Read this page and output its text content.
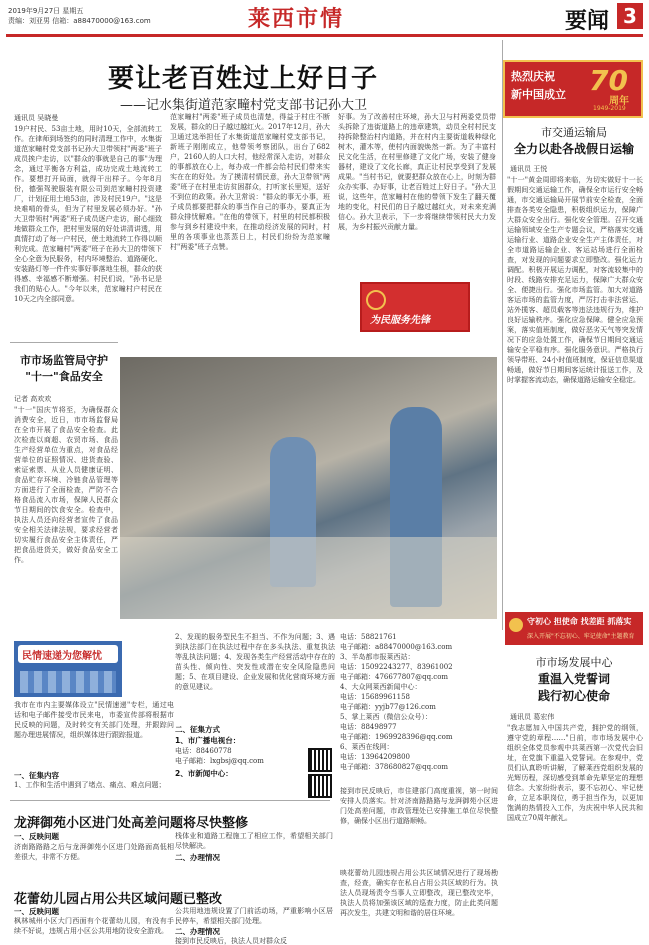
2019年9月27日 星期五
责编：刘亚男 信箱：a88470000@163.com	莱西市情	要闻 3
要让老百姓过上好日子
——记水集街道范家疃村党支部书记孙大卫
通讯员 吴晓曼
19户村民、53亩土地，用时10天，全部流转工作。在律师到场签约的同时清理工作中，水集街道范家疃村党支部书记孙大卫带领村"两委"班子成员挨户走访，以"群众的事就是自己的事"为理念，通过平衡各方利益，成功完成土地流转工作。要想打开局面，就得干出样子。今年8月份，德强驾驶服装有限公司到范家疃村投资建厂，计划征用土地53亩，涉及村民19户。"这是块难啃的骨头，但为了村里发展必须办好。"孙大卫带领村"两委"班子成员逐户走访，耐心细致地做群众工作，把村里发展的好处讲清讲透，用真情打动了每一户村民，使土地流转工作得以顺利完成。范家疃村"两委"班子在孙大卫的带领下全心全意为民服务，村内环境整治、道路硬化、安装路灯等一件件实事好事落地生根，群众的获得感、幸福感不断增强。村民们说，"孙书记是我们的贴心人。"今年以来，范家疃村户村民在10天之内全部同意。
范家疃村"两委"班子成员也清楚，得益于村庄不断发展，群众的日子越过越红火。2017年12月，孙大卫通过选举担任了水集街道范家疃村党支部书记，新班子刚刚成立，他带领考察团队，出台了682户，2160人的人口大村，他经常深入走访，对群众的事都放在心上，每办成一件都会给村民们带来实实在在的好处。为了摸清村情民意，孙大卫带领"两委"班子在村里走访贫困群众，打听家长里短，送好不到位的政策。孙大卫常说："群众的事无小事，班子成员都要把群众的事当作自己的事办，要真正为群众排忧解难。"在他的带领下，村里的村民都积极参与到乡村建设中来，在推动经济发展的同时，村里的各项事业也蒸蒸日上，村民们纷纷为范家疃村"两委"班子点赞。
好事。为了改善村庄环境，孙大卫与村两委党员带头拆除了违街道路上的违章建筑，动员全村村民支持拆除整治村内道路，并在村内主要街道栽种绿化树木，灌木等，使村内面貌焕然一新。为了丰富村民文化生活，在村里修建了文化广场，安装了健身器材，建设了文化长廊，真正让村民享受到了发展成果。"当村书记，就要把群众放在心上，时刻为群众办实事、办好事，让老百姓过上好日子。"孙大卫说，这些年，范家疃村在他的带领下发生了翻天覆地的变化，村民们的日子越过越红火，对未来充满信心。孙大卫表示，下一步将继续带领村民大力发展，为乡村振兴贡献力量。
为民服务先锋
热烈庆祝
新中国成立 70
周年
1949-2019
市交通运输局
全力以赴各战假日运输
通讯员 王悦
"十一"黄金周即将来临，为切实做好十一长假期间交通运输工作，确保全市运行安全畅通，市交通运输局开展节前安全检查，全面排查各类安全隐患，积极组织运力，保障广大群众安全出行。强化安全管理。召开交通运输领域安全生产专题会议，严格落实交通运输行业、道路企业安全生产主体责任，对全市道路运输企业、客运站场进行全面检查，对发现的问题要求立即整改。强化运力调配。积极开展运力调配，对客流较集中的时段、线路安排充足运力，保障广大群众安全、便捷出行。强化市场监管。加大对道路客运市场的监管力度，严厉打击非法营运、站外揽客、超员载客等违法违规行为，维护良好运输秩序。强化应急保障。健全应急预案，落实值班制度，做好恶劣天气等突发情况下的应急处置工作，确保节日期间交通运输安全平稳有序。强化服务意识。严格执行领导带班、24小时值班制度，保证信息渠道畅通，做好节日期间客运统计报送工作，及时掌握客流动态，确保道路运输安全稳定。
市市场监管局守护
"十一"食品安全
记者 高欢欢
"十一"国庆节将至，为确保群众消费安全，近日，市市场监督局在全市开展了食品安全检查。此次检查以商超、农贸市场、食品生产经营单位为重点，对食品经营单位的证照情况、进货查验、索证索票、从业人员健康证明、食品贮存环境、冷链食品管理等方面进行了全面检查，严防不合格食品流入市场，保障人民群众节日期间的饮食安全。检查中，执法人员还向经营者宣传了食品安全相关法律法规，要求经营者切实履行食品安全主体责任，严把食品进货关，做好食品安全工作。
民情速递为您解忧
我市在市内主要媒体设立"民情速递"专栏，通过电话和电子邮件接受市民来电，市委宣传部将根据市民反映的问题，及时转交有关部门处理，并跟踪问题办理进展情况，组织媒体进行跟踪报道。
一、征集内容
1、工作和生活中遇到了堵点、痛点、难点问题；
2、发现的服务型民生不担当、不作为问题；3、遇到执法部门在执法过程中存在多头执法、重复执法等乱执法问题；4、发现各类生产经营活动中存在的苗头性、倾向性、突发性或潜在安全风险隐患问题；5、在项目建设、企业发展和优化营商环境方面的意见建议。
二、征集方式
1、市广播电视台：
电话：88460778
电子邮箱：lxgbsj@qq.com
2、市新闻中心：
电话：58821761
电子邮箱：a88470000@163.com
3、半岛都市报莱西站：
电话：15092243277、83961002
电子邮箱：476677807@qq.com
4、大众网莱西新闻中心：
电话：15689961158
电子邮箱：yyjb77@126.com
5、掌上莱西（微信公众号）：
电话：88498977
电子邮箱：1969928396@qq.com
6、莱西在线网：
电话：13964209800
电子邮箱：378680827@qq.com
守初心 担使命 找差距 抓落实
深入开展"不忘初心、牢记使命"主题教育
市市场发展中心
重温入党誓词
践行初心使命
通讯员 葛宏伟
"我志愿加入中国共产党，拥护党的纲领，遵守党的章程……"日前，市市场发展中心组织全体党员参观中共莱西第一次党代会旧址，在党旗下重温入党誓词。在参观中，党员们认真聆听讲解，了解莱西党组织发展的光辉历程，深切感受到革命先辈坚定的理想信念。大家纷纷表示，要不忘初心、牢记使命，立足本职岗位，勇于担当作为，以更加饱满的热情投入工作，为庆祝中华人民共和国成立70周年献礼。
龙湃御苑小区进门处高差问题将尽快整修
一、反映问题
济南路路路之后与龙湃御苑小区进门处路面高低相差很大，非常不方便。
栈体业和道路工程施工了相应工作，希望相关部门尽快解决。
二、办理情况
接到市民反映后，市住建部门高度重视，第一时间安排人员落实。针对济南路路路与龙湃御苑小区进门处高差问题，市政管理处已安排施工单位尽快整修，确保小区出行道路顺畅。
花蕾幼儿园占用公共区域问题已整改
一、反映问题
枫林城州小区大门西面有个花蕾幼儿园，有没有手续不好说，违规占用小区公共用地防设安全游戏。
公共用地违规设置了门前活动场，严重影响小区居民停车，希望相关部门处理。
二、办理情况
接到市民反映后，执法人员对群众反
映花蕾幼儿园违规占用公共区域情况进行了现场勘查，经查，确实存在私自占用公共区域的行为。执法人员现场责令当事人立即整改，现已整改完毕，执法人员将加强该区域的巡查力度，防止此类问题再次发生，共建文明和谐的居住环境。
